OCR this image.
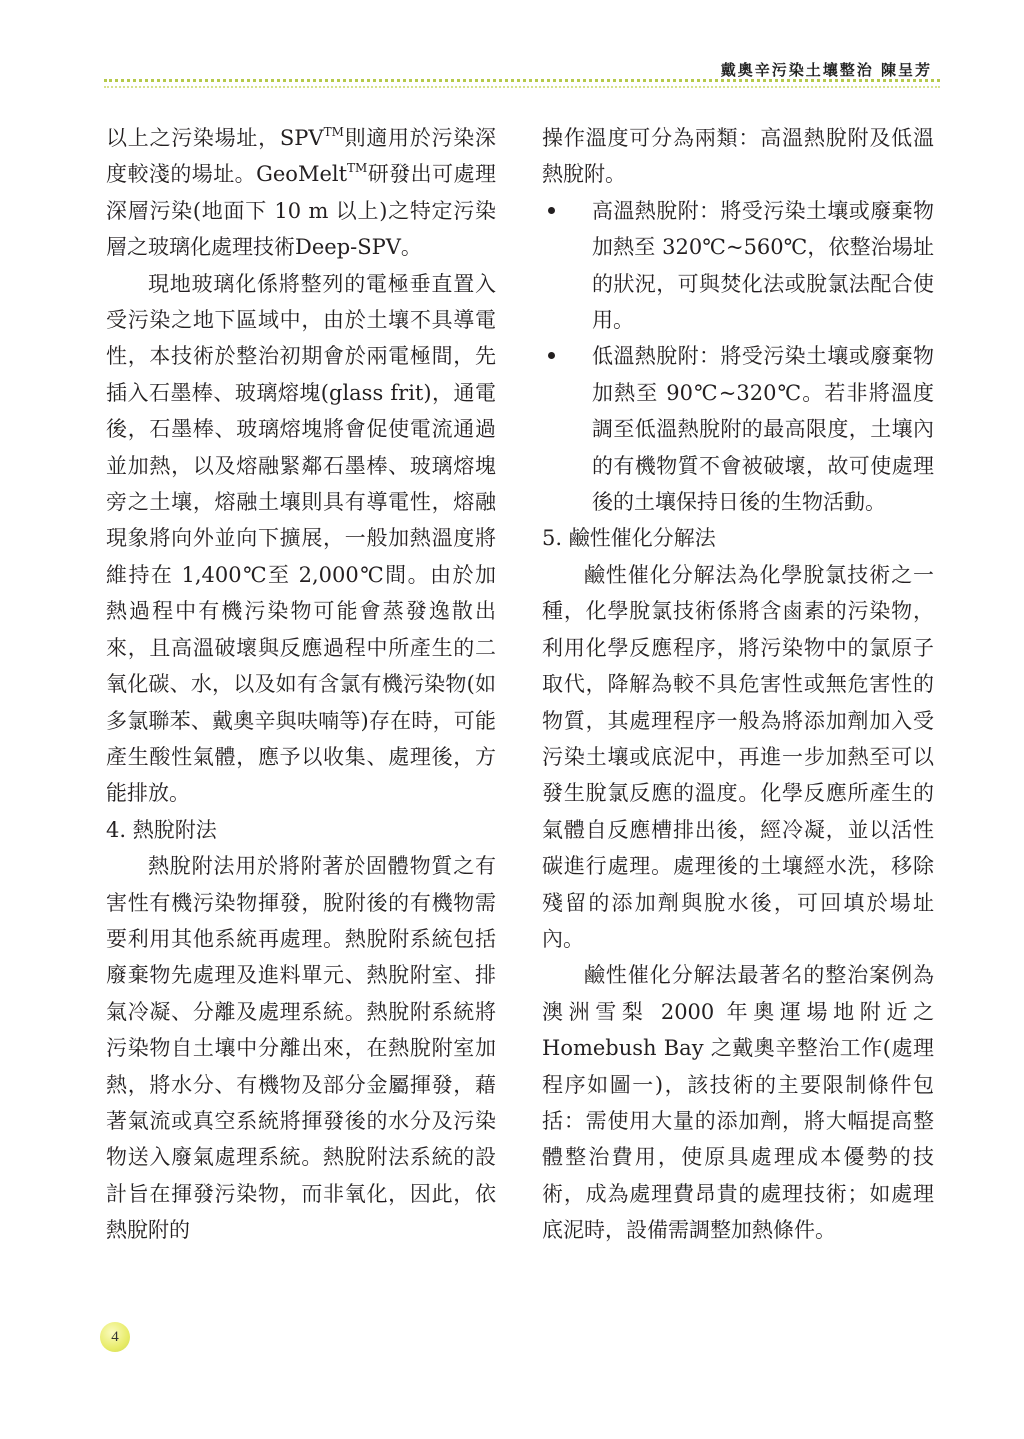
戴奧辛污染土壤整治 陳呈芳

以上之污染場址，SPV™則適用於污染深度較淺的場址。GeoMelt™研發出可處理深層污染(地面下 10 m 以上)之特定污染層之玻璃化處理技術Deep-SPV。

現地玻璃化係將整列的電極垂直置入受污染之地下區域中，由於土壤不具導電性，本技術於整治初期會於兩電極間，先插入石墨棒、玻璃熔塊(glass frit)，通電後，石墨棒、玻璃熔塊將會促使電流通過並加熱，以及熔融緊鄰石墨棒、玻璃熔塊旁之土壤，熔融土壤則具有導電性，熔融現象將向外並向下擴展，一般加熱溫度將維持在 1,400℃至 2,000℃間。由於加熱過程中有機污染物可能會蒸發逸散出來，且高溫破壞與反應過程中所產生的二氧化碳、水，以及如有含氯有機污染物(如多氯聯苯、戴奧辛與呋喃等)存在時，可能產生酸性氣體，應予以收集、處理後，方能排放。

4. 熱脫附法

熱脫附法用於將附著於固體物質之有害性有機污染物揮發，脫附後的有機物需要利用其他系統再處理。熱脫附系統包括廢棄物先處理及進料單元、熱脫附室、排氣冷凝、分離及處理系統。熱脫附系統將污染物自土壤中分離出來，在熱脫附室加熱，將水分、有機物及部分金屬揮發，藉著氣流或真空系統將揮發後的水分及污染物送入廢氣處理系統。熱脫附法系統的設計旨在揮發污染物，而非氧化，因此，依熱脫附的

操作溫度可分為兩類：高溫熱脫附及低溫熱脫附。

高溫熱脫附：將受污染土壤或廢棄物加熱至 320℃~560℃，依整治場址的狀況，可與焚化法或脫氯法配合使用。

低溫熱脫附：將受污染土壤或廢棄物加熱至 90℃~320℃。若非將溫度調至低溫熱脫附的最高限度，土壤內的有機物質不會被破壞，故可使處理後的土壤保持日後的生物活動。

5. 鹼性催化分解法

鹼性催化分解法為化學脫氯技術之一種，化學脫氯技術係將含鹵素的污染物，利用化學反應程序，將污染物中的氯原子取代，降解為較不具危害性或無危害性的物質，其處理程序一般為將添加劑加入受污染土壤或底泥中，再進一步加熱至可以發生脫氯反應的溫度。化學反應所產生的氣體自反應槽排出後，經冷凝，並以活性碳進行處理。處理後的土壤經水洗，移除殘留的添加劑與脫水後，可回填於場址內。

鹼性催化分解法最著名的整治案例為澳洲雪梨 2000 年奧運場地附近之 Homebush Bay 之戴奧辛整治工作(處理程序如圖一)，該技術的主要限制條件包括：需使用大量的添加劑，將大幅提高整體整治費用，使原具處理成本優勢的技術，成為處理費昂貴的處理技術；如處理底泥時，設備需調整加熱條件。

4
